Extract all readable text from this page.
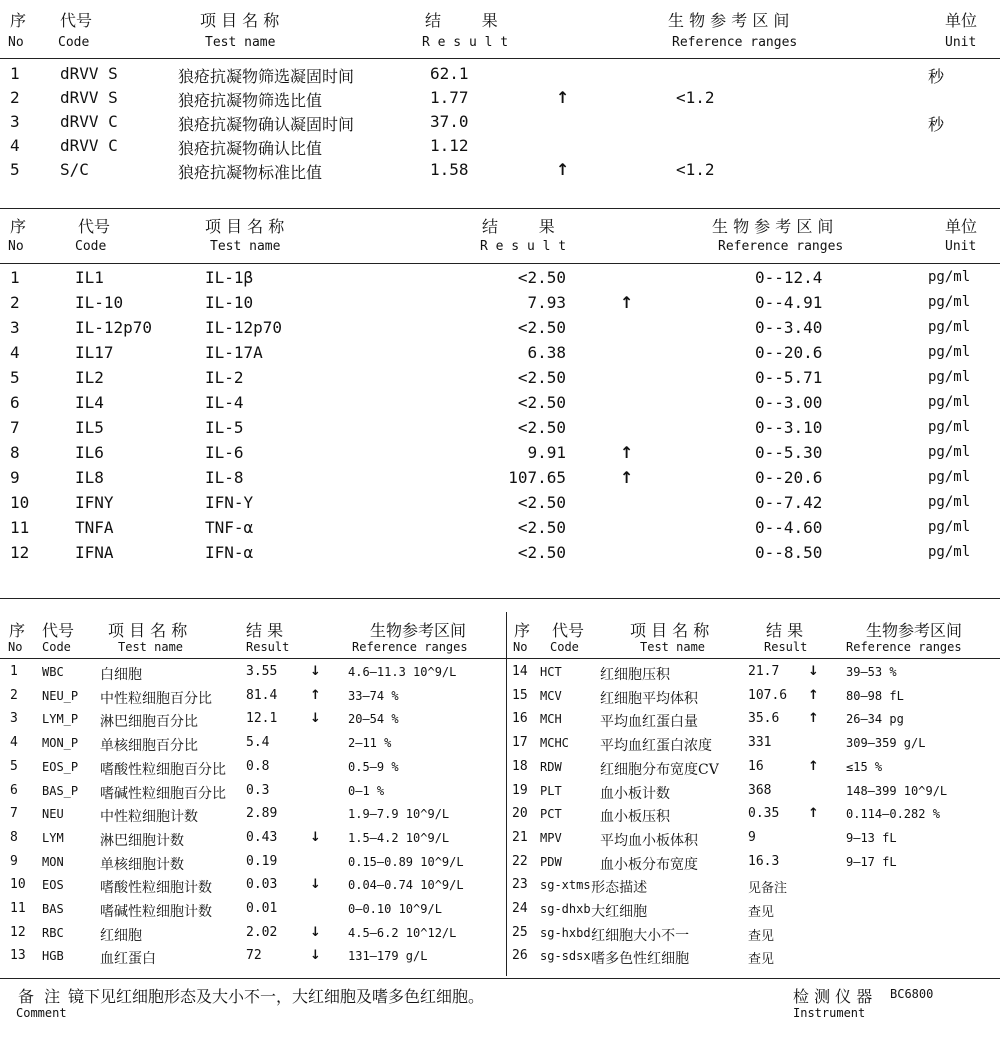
序
No
代号
Code
项 目 名 称
Test name
结        果
R e s u l t
生 物 参 考 区 间
Reference ranges
单位
Unit
1	dRVV S	狼疮抗凝物筛选凝固时间	62.1	秒
2	dRVV S	狼疮抗凝物筛选比值	1.77	↑	<1.2
3	dRVV C	狼疮抗凝物确认凝固时间	37.0	秒
4	dRVV C	狼疮抗凝物确认比值	1.12
5	S/C	狼疮抗凝物标准比值	1.58	↑	<1.2
序
No
代号
Code
项 目 名 称
Test name
结        果
R e s u l t
生 物 参 考 区 间
Reference ranges
单位
Unit
1	IL1	IL-1β	<2.50	0--12.4	pg/ml
2	IL-10	IL-10	7.93	↑	0--4.91	pg/ml
3	IL-12p70	IL-12p70	<2.50	0--3.40	pg/ml
4	IL17	IL-17A	6.38	0--20.6	pg/ml
5	IL2	IL-2	<2.50	0--5.71	pg/ml
6	IL4	IL-4	<2.50	0--3.00	pg/ml
7	IL5	IL-5	<2.50	0--3.10	pg/ml
8	IL6	IL-6	9.91	↑	0--5.30	pg/ml
9	IL8	IL-8	107.65	↑	0--20.6	pg/ml
10	IFNY	IFN-Y	<2.50	0--7.42	pg/ml
11	TNFA	TNF-α	<2.50	0--4.60	pg/ml
12	IFNA	IFN-α	<2.50	0--8.50	pg/ml
序
No
代号
Code
项 目 名 称
Test name
结 果
Result
生物参考区间
Reference ranges
序
No
代号
Code
项 目 名 称
Test name
结 果
Result
生物参考区间
Reference ranges
备  注
Comment
镜下见红细胞形态及大小不一，大红细胞及嗜多色红细胞。	检 测 仪 器 BC6800
Instrument
1 WBC	白细胞	3.55	↓ 4.6—11.3 10^9/L
2 NEU_P 中性粒细胞百分比	81.4	↑ 33—74 %
3 LYM_P 淋巴细胞百分比	12.1	↓ 20—54 %
4 MON_P 单核细胞百分比	5.4	2—11 %
5 EOS_P 嗜酸性粒细胞百分比 0.8	0.5—9 %
6 BAS_P 嗜碱性粒细胞百分比 0.3	0—1 %
7 NEU	中性粒细胞计数	2.89	1.9—7.9 10^9/L
8 LYM	淋巴细胞计数	0.43	↓ 1.5—4.2 10^9/L
9 MON	单核细胞计数	0.19	0.15—0.89 10^9/L
10 EOS	嗜酸性粒细胞计数	0.03	↓ 0.04—0.74 10^9/L
11 BAS	嗜碱性粒细胞计数	0.01	0—0.10 10^9/L
12 RBC	红细胞	2.02	↓ 4.5—6.2 10^12/L
13 HGB	血红蛋白	72	↓ 131—179 g/L
14 HCT	红细胞压积	21.7 ↓ 39—53 %
15 MCV	红细胞平均体积	107.6 ↑ 80—98 fL
16 MCH	平均血红蛋白量	35.6 ↑ 26—34 pg
17 MCHC 平均血红蛋白浓度	331	309—359 g/L
18 RDW	红细胞分布宽度CV 16	↑ ≤15 %
19 PLT	血小板计数	368	148—399 10^9/L
20 PCT	血小板压积	0.35 ↑ 0.114—0.282 %
21 MPV	平均血小板体积	9	9—13 fL
22 PDW	血小板分布宽度	16.3	9—17 fL
23 sg-xtms 形态描述	见备注
24 sg-dhxb 大红细胞	查见
25 sg-hxbd 红细胞大小不一	查见
26 sg-sdsx 嗜多色性红细胞	查见
